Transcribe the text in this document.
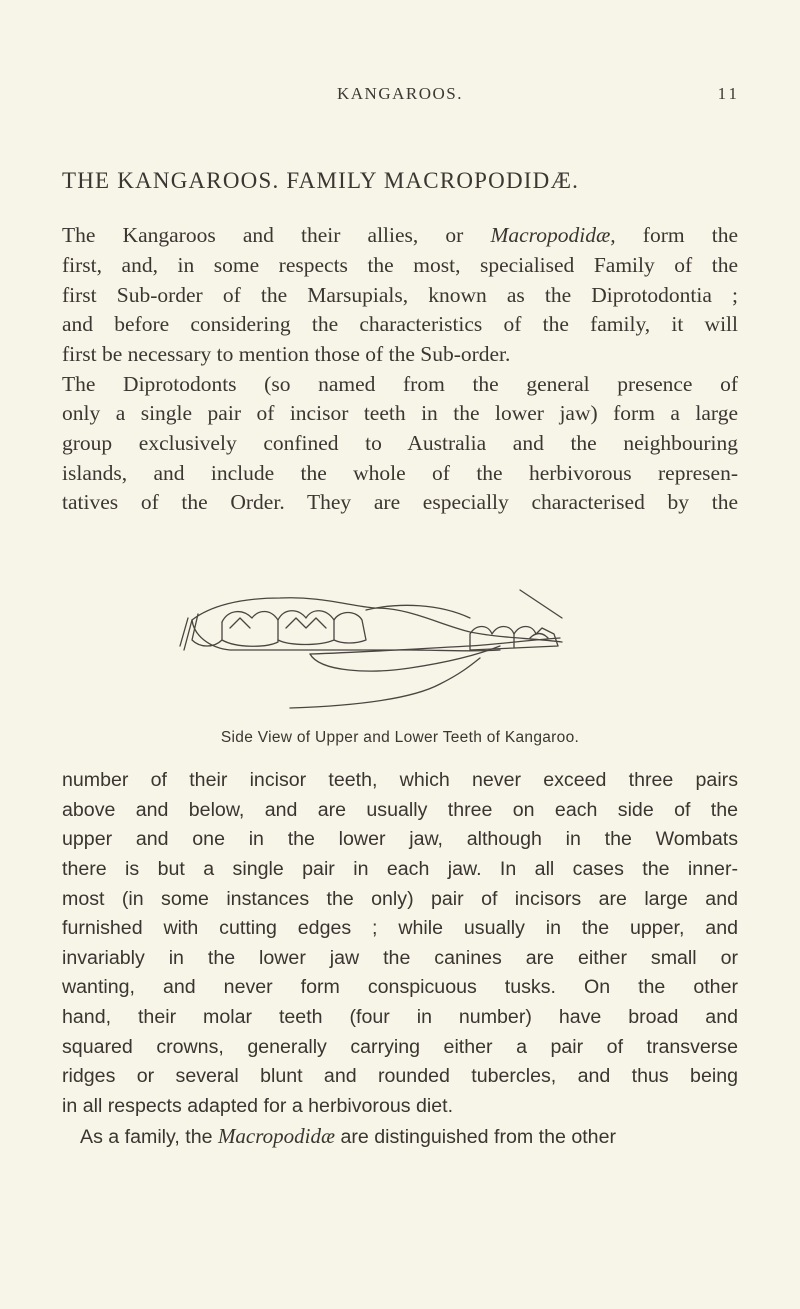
KANGAROOS.	11
THE KANGAROOS. FAMILY MACROPODIDÆ.

The Kangaroos and their allies, or Macropodidæ, form the

first, and, in some respects the most, specialised Family of the

first Sub-order of the Marsupials, known as the Diprotodontia ;

and before considering the characteristics of the family, it will

first be necessary to mention those of the Sub-order.

The Diprotodonts (so named from the general presence of

only a single pair of incisor teeth in the lower jaw) form a large

group exclusively confined to Australia and the neighbouring

islands, and include the whole of the herbivorous represen-

tatives of the Order. They are especially characterised by the

Side View of Upper and Lower Teeth of Kangaroo.

number of their incisor teeth, which never exceed three pairs

above and below, and are usually three on each side of the

upper and one in the lower jaw, although in the Wombats

there is but a single pair in each jaw. In all cases the inner-

most (in some instances the only) pair of incisors are large and

furnished with cutting edges ; while usually in the upper, and

invariably in the lower jaw the canines are either small or

wanting, and never form conspicuous tusks. On the other

hand, their molar teeth (four in number) have broad and

squared crowns, generally carrying either a pair of transverse

ridges or several blunt and rounded tubercles, and thus being

in all respects adapted for a herbivorous diet.

As a family, the Macropodidæ are distinguished from the other
